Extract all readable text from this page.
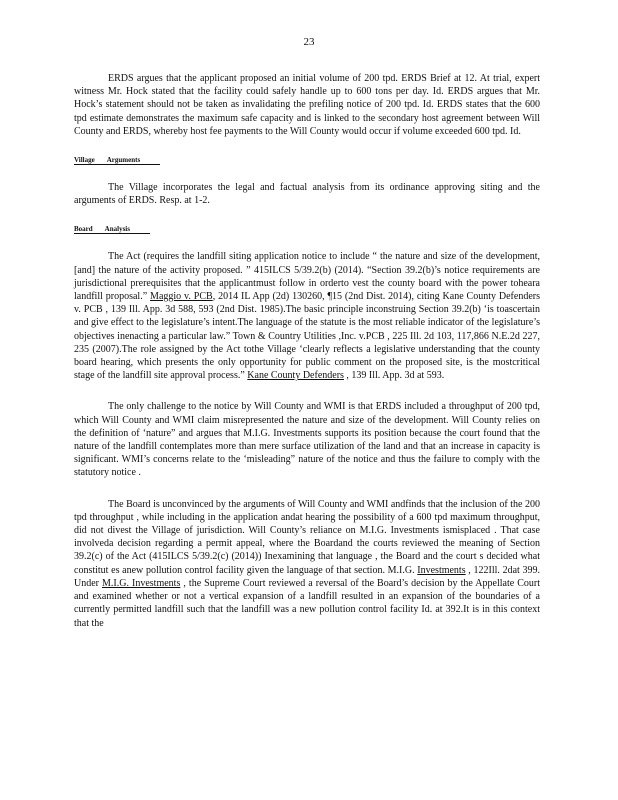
23

ERDS argues that the applicant proposed an initial volume of 200 tpd. ERDS Brief at 12. At trial, expert witness Mr. Hock stated that the facility could safely handle up to 600 tons per day. Id. ERDS argues that Mr. Hock’s statement should not be taken as invalidating the prefiling notice of 200 tpd. Id. ERDS states that the 600 tpd estimate demonstrates the maximum safe capacity and is linked to the secondary host agreement between Will County and ERDS, whereby host fee payments to the Will County would occur if volume exceeded 600 tpd. Id.

Village Arguments

The Village incorporates the legal and factual analysis from its ordinance approving siting and the arguments of ERDS. Resp. at 1-2.

Board Analysis

The Act (requires the landfill siting application notice to include “ the nature and size of the development, [and] the nature of the activity proposed. ” 415ILCS 5/39.2(b) (2014). “Section 39.2(b)’s notice requirements are jurisdictional prerequisites that the applicantmust follow in orderto vest the county board with the power toheara landfill proposal.” Maggio v. PCB, 2014 IL App (2d) 130260, ¶15 (2nd Dist. 2014), citing Kane County Defenders v. PCB , 139 Ill. App. 3d 588, 593 (2nd Dist. 1985).The basic principle inconstruing Section 39.2(b) ‘is toascertain and give effect to the legislature’s intent.The language of the statute is the most reliable indicator of the legislature’s objectives inenacting a particular law.” Town & Country Utilities ,Inc. v.PCB , 225 Ill. 2d 103, 117,866 N.E.2d 227, 235 (2007).The role assigned by the Act tothe Village ‘clearly reflects a legislative understanding that the county board hearing, which presents the only opportunity for public comment on the proposed site, is the mostcritical stage of the landfill site approval process.” Kane County Defenders , 139 Ill. App. 3d at 593.

The only challenge to the notice by Will County and WMI is that ERDS included a throughput of 200 tpd, which Will County and WMI claim misrepresented the nature and size of the development. Will County relies on the definition of ‘nature” and argues that M.I.G. Investments supports its position because the court found that the nature of the landfill contemplates more than mere surface utilization of the land and that an increase in capacity is significant. WMI’s concerns relate to the ‘misleading” nature of the notice and thus the failure to comply with the statutory notice .

The Board is unconvinced by the arguments of Will County and WMI andfinds that the inclusion of the 200 tpd throughput , while including in the application andat hearing the possibility of a 600 tpd maximum throughput, did not divest the Village of jurisdiction. Will County’s reliance on M.I.G. Investments ismisplaced . That case involveda decision regarding a permit appeal, where the Boardand the courts reviewed the meaning of Section 39.2(c) of the Act (415ILCS 5/39.2(c) (2014)) Inexamining that language , the Board and the court s decided what constitut es anew pollution control facility given the language of that section. M.I.G. Investments , 122Ill. 2dat 399. Under M.I.G. Investments , the Supreme Court reviewed a reversal of the Board’s decision by the Appellate Court and examined whether or not a vertical expansion of a landfill resulted in an expansion of the boundaries of a currently permitted landfill such that the landfill was a new pollution control facility Id. at 392.It is in this context that the
